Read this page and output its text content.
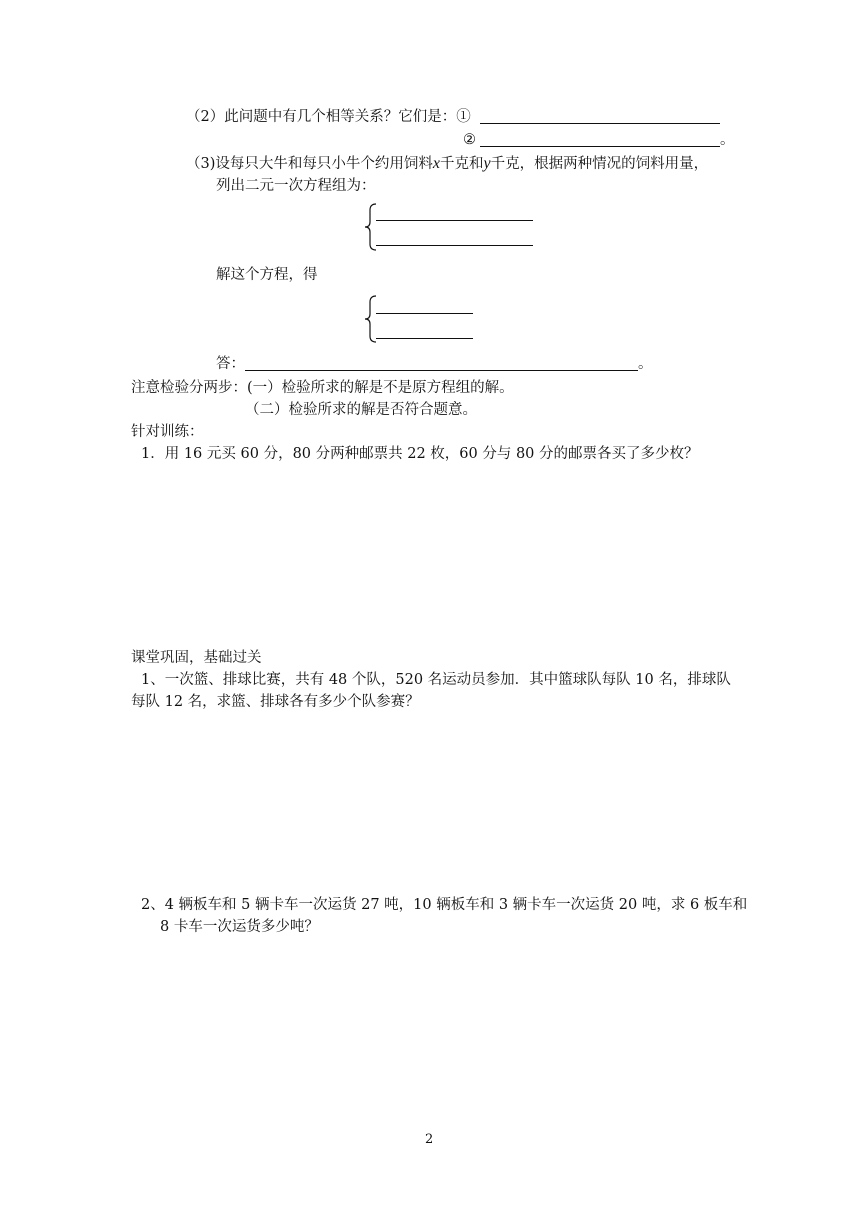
（2）此问题中有几个相等关系？它们是：①
②	。
（3)设每只大牛和每只小牛个约用饲料x千克和y千克，根据两种情况的饲料用量，
列出二元一次方程组为：
解这个方程，得
答：	。
注意检验分两步：(一）检验所求的解是不是原方程组的解。
（二）检验所求的解是否符合题意。
针对训练：
1．用 16 元买 60 分，80 分两种邮票共 22 枚，60 分与 80 分的邮票各买了多少枚？
课堂巩固，基础过关
1、一次篮、排球比赛，共有 48 个队，520 名运动员参加．其中篮球队每队 10 名，排球队
每队 12 名，求篮、排球各有多少个队参赛？
2、4 辆板车和 5 辆卡车一次运货 27 吨，10 辆板车和 3 辆卡车一次运货 20 吨，求 6 板车和
8 卡车一次运货多少吨？
2
